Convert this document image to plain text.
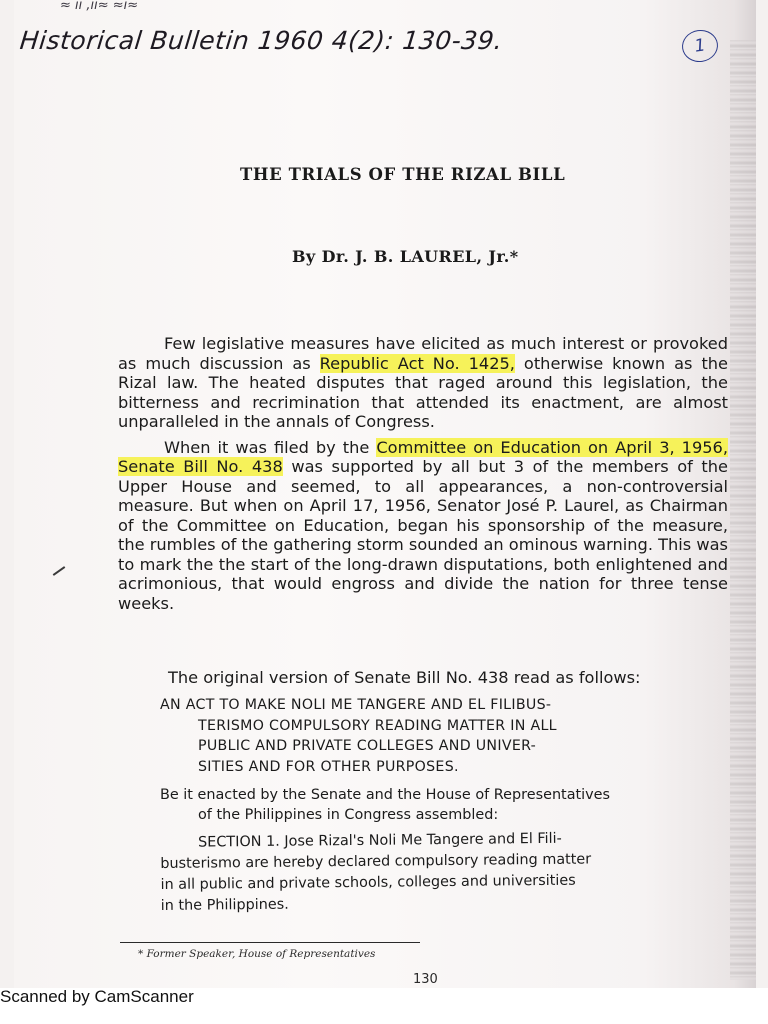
≈ ıı ,ıı≈ ≈ı≈
Historical Bulletin 1960 4(2): 130-39.	1
THE TRIALS OF THE RIZAL BILL
By Dr. J. B. LAUREL, Jr.*

Few legislative measures have elicited as much interest or provoked as much discussion as Republic Act No. 1425, otherwise known as the Rizal law. The heated disputes that raged around this legislation, the bitterness and recrimination that attended its enactment, are almost unparalleled in the annals of Congress.

When it was filed by the Committee on Education on April 3, 1956, Senate Bill No. 438 was supported by all but 3 of the members of the Upper House and seemed, to all appearances, a non-controversial measure. But when on April 17, 1956, Senator José P. Laurel, as Chairman of the Committee on Education, began his sponsorship of the measure, the rumbles of the gathering storm sounded an ominous warning. This was to mark the the start of the long-drawn disputations, both enlightened and acrimonious, that would engross and divide the nation for three tense weeks.

The original version of Senate Bill No. 438 read as follows:
AN ACT TO MAKE NOLI ME TANGERE AND EL FILIBUS-
TERISMO COMPULSORY READING MATTER IN ALL
PUBLIC AND PRIVATE COLLEGES AND UNIVER-
SITIES AND FOR OTHER PURPOSES.
Be it enacted by the Senate and the House of Representatives
of the Philippines in Congress assembled:
SECTION 1. Jose Rizal's Noli Me Tangere and El Fili-
busterismo are hereby declared compulsory reading matter
in all public and private schools, colleges and universities
in the Philippines.
* Former Speaker, House of Representatives
130
Scanned by CamScanner
